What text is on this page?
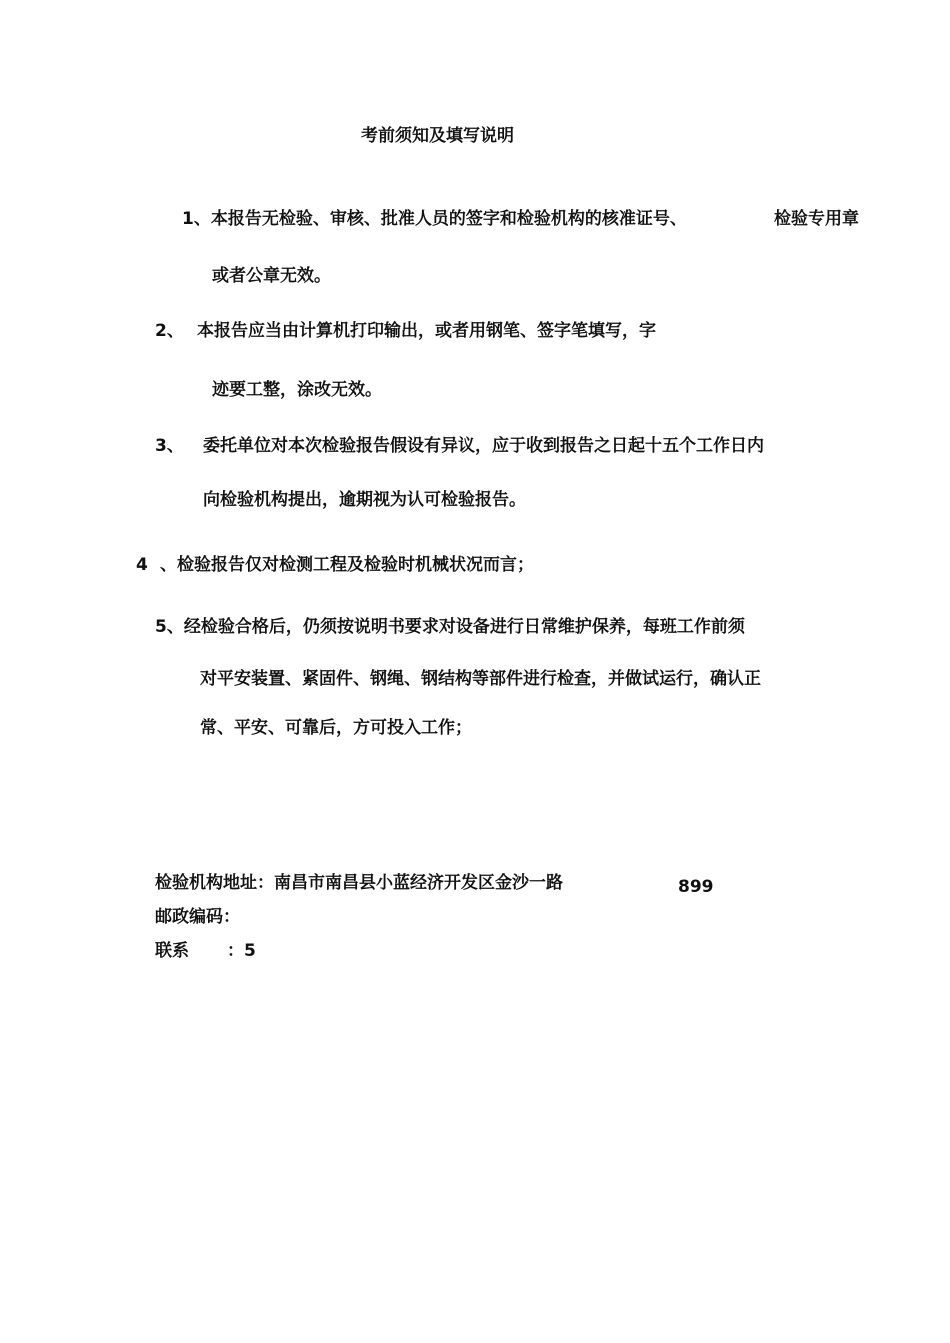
考前须知及填写说明
1、本报告无检验、审核、批准人员的签字和检验机构的核准证号、	检验专用章
或者公章无效。
2、 本报告应当由计算机打印输出，或者用钢笔、签字笔填写，字
迹要工整，涂改无效。
3、 委托单位对本次检验报告假设有异议，应于收到报告之日起十五个工作日内
向检验机构提出，逾期视为认可检验报告。
4 、检验报告仅对检测工程及检验时机械状况而言；
5、经检验合格后，仍须按说明书要求对设备进行日常维护保养，每班工作前须
对平安装置、紧固件、钢绳、钢结构等部件进行检查，并做试运行，确认正
常、平安、可靠后，方可投入工作；
检验机构地址：南昌市南昌县小蓝经济开发区金沙一路	899
邮政编码：
联系 ：5
